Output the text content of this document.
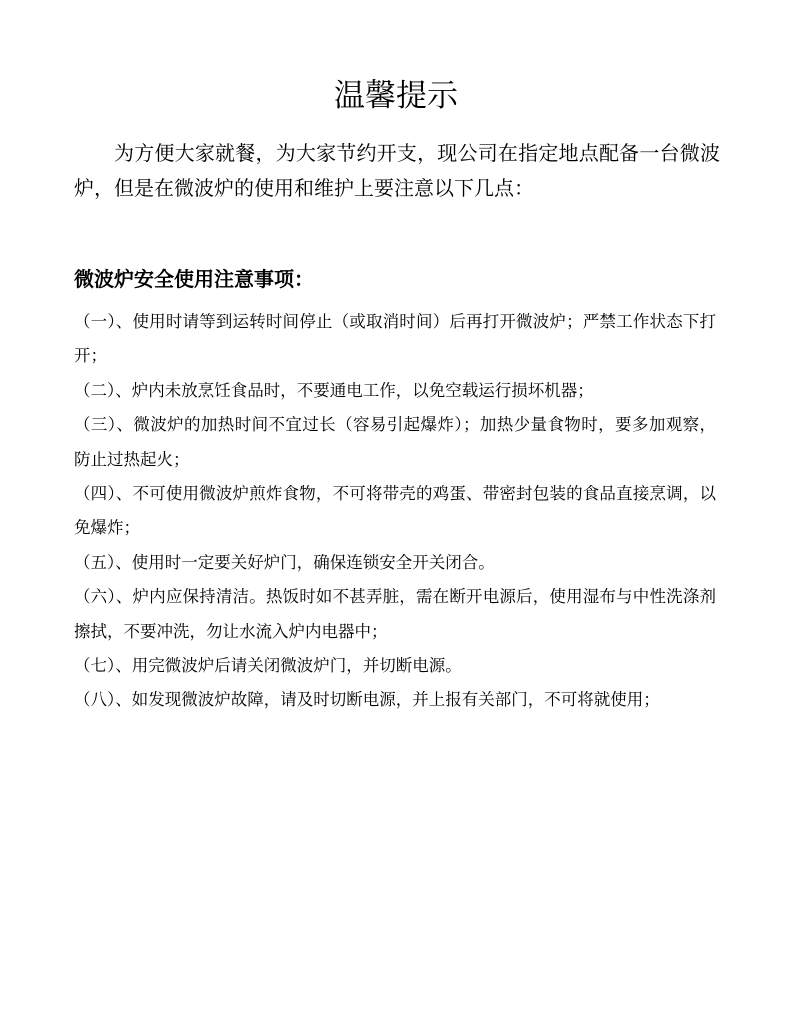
温馨提示

为方便大家就餐，为大家节约开支，现公司在指定地点配备一台微波炉，但是在微波炉的使用和维护上要注意以下几点：

微波炉安全使用注意事项：
（一）、使用时请等到运转时间停止（或取消时间）后再打开微波炉；严禁工作状态下打开；
（二）、炉内未放烹饪食品时，不要通电工作，以免空载运行损坏机器；
（三）、微波炉的加热时间不宜过长（容易引起爆炸）；加热少量食物时，要多加观察，防止过热起火；
（四）、不可使用微波炉煎炸食物，不可将带壳的鸡蛋、带密封包装的食品直接烹调，以免爆炸；
（五）、使用时一定要关好炉门，确保连锁安全开关闭合。
（六）、炉内应保持清洁。热饭时如不甚弄脏，需在断开电源后，使用湿布与中性洗涤剂擦拭，不要冲洗，勿让水流入炉内电器中；
（七）、用完微波炉后请关闭微波炉门，并切断电源。
（八）、如发现微波炉故障，请及时切断电源，并上报有关部门，不可将就使用；
